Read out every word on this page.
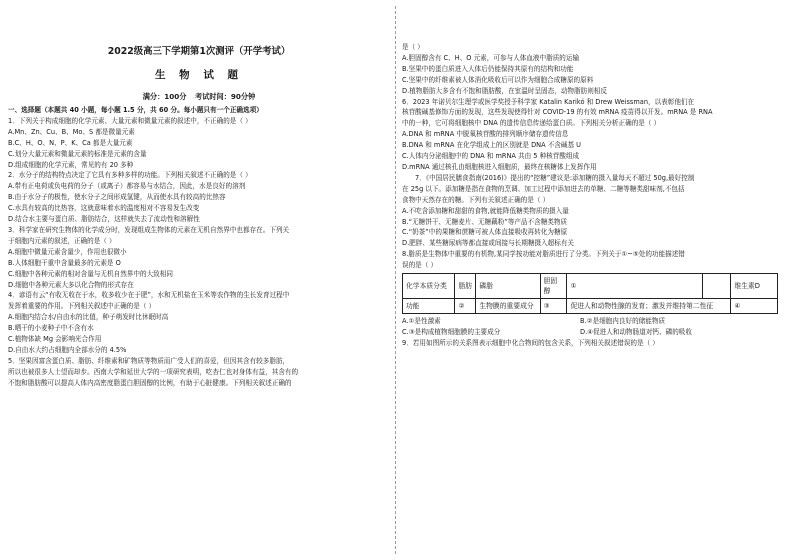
2022级高三下学期第1次测评（开学考试）
生 物 试 题
满分：100分 考试时间：90分钟
一、选择题（本题共 40 小题，每小题 1.5 分，共 60 分。每小题只有一个正确选项）
1．下列关于构成细胞的化学元素、大量元素和微量元素的叙述中，不正确的是（ ）
A.Mn、Zn、Cu、B、Mo、S 都是微量元素
B.C、H、O、N、P、K、Ca 都是大量元素
C.划分大量元素和微量元素的标准是元素的含量
D.组成细胞的化学元素，常见的有 20 多种
2．水分子的结构特点决定了它具有多种多样的功能。下列相关叙述不正确的是（ ）
A.带有正电荷或负电荷的分子（或离子）都容易与水结合，因此，水是良好的溶剂
B.由于水分子的极性，使水分子之间形成氢键，从而使水具有较高的比热容
C.水具有较高的比热容，这就意味着水的温度相对不容易发生改变
D.结合水主要与蛋白质、脂肪结合，这样就失去了流动性和溶解性
3．科学家在研究生物体的化学成分时，发现组成生物体的元素在无机自然界中也都存在。下列关
于细胞内元素的叙述，正确的是（ ）
A.细胞中微量元素含量少，作用也很微小
B.人体细胞干重中含量最多的元素是 O
C.细胞中各种元素的相对含量与无机自然界中的大致相同
D.细胞中各种元素大多以化合物的形式存在
4．谚语有云“有收无收在于水，收多收少在于肥”，水和无机盐在玉米等农作物的生长发育过程中
发挥着重要的作用。下列相关叙述中正确的是（ ）
A.细胞内结合水/自由水的比值，种子萌发时比休眠时高
B.晒干的小麦种子中不含有水
C.植物体缺 Mg 会影响光合作用
D.自由水大约占细胞内全部水分的 4.5%
5．坚果因富含蛋白质、脂肪、纤维素和矿物质等物质而广受人们的喜爱，但因其含有较多脂肪，
所以也被很多人士望而却步。西南大学和延世大学的一项研究表明，吃杏仁也对身体有益，其含有的
不饱和脂肪酸可以提高人体内高密度脂蛋白胆固醇的比例，有助于心脏健康。下列相关叙述正确的
是（ ）
A.胆固醇含有 C、H、O 元素，可参与人体血液中脂质的运输
B.坚果中的蛋白质进入人体后仍能保持其原有的结构和功能
C.坚果中的纤维素被人体消化吸收后可以作为细胞合成糖原的原料
D.植物脂肪大多含有不饱和脂肪酸，在室温时呈固态，动物脂肪则相反
6．2023 年诺贝尔生理学或医学奖授予科学家 Katalin Karikó 和 Drew Weissman，以表彰他们在
核苷酸碱基修饰方面的发现，这些发现使得针对 COVID-19 的有效 mRNA 疫苗得以开发。mRNA 是 RNA
中的一种，它可将细胞核中 DNA 的遗传信息传递给蛋白质。下列相关分析正确的是（ ）
A.DNA 和 mRNA 中脱氧核苷酸的排列顺序储存遗传信息
B.DNA 和 mRNA 在化学组成上的区别就是 DNA 不含碱基 U
C.人体内分泌细胞中的 DNA 和 mRNA 共由 5 种核苷酸组成
D.mRNA 通过核孔由细胞核进入细胞质，最终在核糖体上发挥作用
7．《中国居民膳食指南(2016)》提出的“控糖”建议是:添加糖的摄入量每天不超过 50g,最好控制
在 25g 以下。添加糖是指在食物的烹调、加工过程中添加进去的单糖、二糖等糖类甜味剂,不包括
食物中天然存在的糖。下列有关叙述正确的是（ ）
A.不吃含添加糖和甜甜的食物,就能降低糖类物质的摄入量
B.“无糖饼干、无糖麦片、无糖藕粉”等产品不含糖类物质
C.“奶茶”中的果糖和蔗糖可被人体直接吸收再转化为糖原
D.肥胖、某些糖尿病等都直接或间接与长期糖摄入超标有关
8.脂质是生物体中重要的有机物,某同学按功能对脂质进行了分类。下列关于①~⑤处的功能描述错
误的是（ ）
化学本质分类	脂肪	磷脂	胆固醇	①		维生素D
功能	②	生物膜的重要成分	③	促进人和动物性腺的发育；激发并维持第二性征		④
A.①是性激素	B.②是细胞内良好的储能物质
C.③是构成植物细胞膜的主要成分	D.④促进人和动物肠道对钙、磷的吸收
9．若用如图所示的关系图表示细胞中化合物间的包含关系，下列相关叙述错误的是（ ）
